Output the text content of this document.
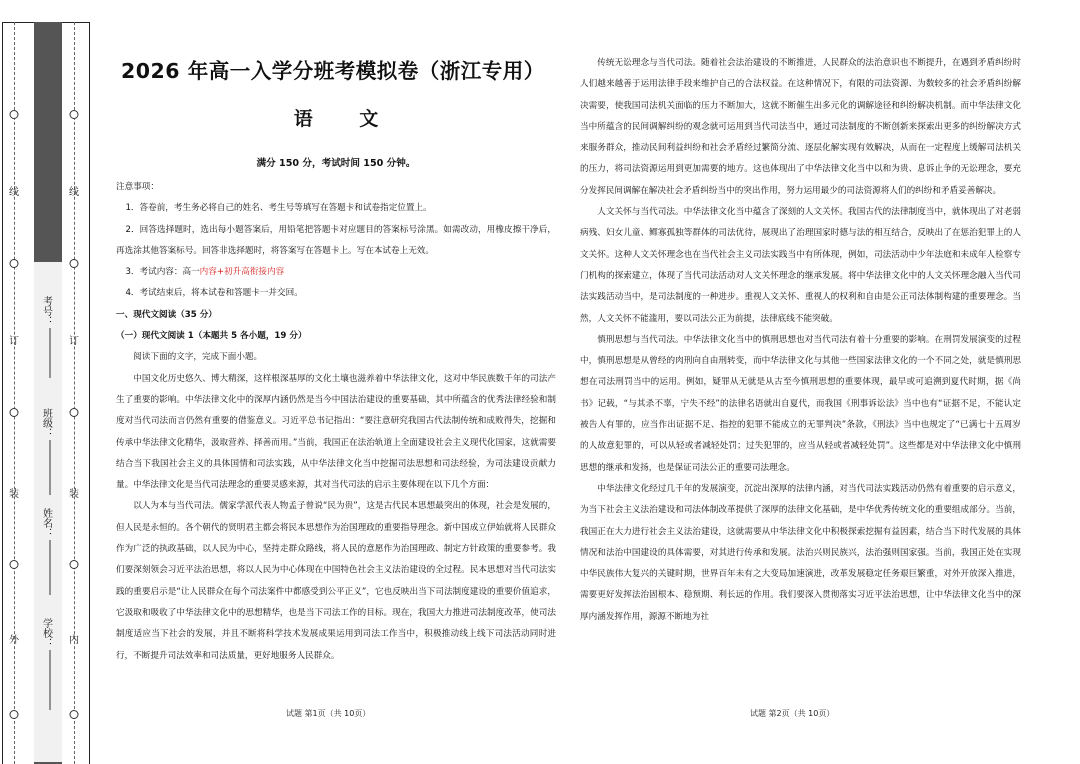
线
订
装
外
线
订
装
内
考号：
班级：
姓名：
学校：
2026 年高一入学分班考模拟卷（浙江专用）
语 文
满分 150 分，考试时间 150 分钟。

注意事项：

1．答卷前，考生务必将自己的姓名、考生号等填写在答题卡和试卷指定位置上。

2．回答选择题时，选出每小题答案后，用铅笔把答题卡对应题目的答案标号涂黑。如需改动，用橡皮擦干净后，再选涂其他答案标号。回答非选择题时，将答案写在答题卡上。写在本试卷上无效。

3．考试内容：高一内容+初升高衔接内容

4．考试结束后，将本试卷和答题卡一并交回。

一、现代文阅读（35 分）

（一）现代文阅读 1（本题共 5 各小题，19 分）

阅读下面的文字，完成下面小题。

中国文化历史悠久、博大精深，这样根深基厚的文化土壤也滋养着中华法律文化，这对中华民族数千年的司法产生了重要的影响。中华法律文化中的深厚内涵仍然是当今中国法治建设的重要基础，其中所蕴含的优秀法律经验和制度对当代司法而言仍然有重要的借鉴意义。习近平总书记指出：“要注意研究我国古代法制传统和成败得失，挖掘和传承中华法律文化精华，汲取营养、择善而用。”当前，我国正在法治轨道上全面建设社会主义现代化国家，这就需要结合当下我国社会主义的具体国情和司法实践，从中华法律文化当中挖掘司法思想和司法经验，为司法建设贡献力量。中华法律文化是当代司法理念的重要灵感来源，其对当代司法的启示主要体现在以下几个方面：

以人为本与当代司法。儒家学派代表人物孟子曾说“民为贵”，这是古代民本思想最突出的体现，社会是发展的，但人民是永恒的。各个朝代的贤明君主都会将民本思想作为治国理政的重要指导理念。新中国成立伊始就将人民群众作为广泛的执政基础，以人民为中心，坚持走群众路线，将人民的意愿作为治国理政、制定方针政策的重要参考。我们要深刻领会习近平法治思想，将以人民为中心体现在中国特色社会主义法治建设的全过程。民本思想对当代司法实践的重要启示是“让人民群众在每个司法案件中都感受到公平正义”，它也反映出当下司法制度建设的重要价值追求，它汲取和吸收了中华法律文化中的思想精华，也是当下司法工作的目标。现在，我国大力推进司法制度改革，使司法制度适应当下社会的发展，并且不断将科学技术发展成果运用到司法工作当中，积极推动线上线下司法活动同时进行，不断提升司法效率和司法质量，更好地服务人民群众。

传统无讼理念与当代司法。随着社会法治建设的不断推进，人民群众的法治意识也不断提升，在遇到矛盾纠纷时人们越来越善于运用法律手段来维护自己的合法权益。在这种情况下，有限的司法资源、为数较多的社会矛盾纠纷解决需要，使我国司法机关面临的压力不断加大，这就不断催生出多元化的调解途径和纠纷解决机制。而中华法律文化当中所蕴含的民间调解纠纷的观念就可运用到当代司法当中，通过司法制度的不断创新来探索出更多的纠纷解决方式来服务群众，推动民间利益纠纷和社会矛盾经过繁简分流、逐层化解实现有效解决，从而在一定程度上缓解司法机关的压力，将司法资源运用到更加需要的地方。这也体现出了中华法律文化当中以和为贵、息诉止争的无讼理念，要充分发挥民间调解在解决社会矛盾纠纷当中的突出作用，努力运用最少的司法资源将人们的纠纷和矛盾妥善解决。

人文关怀与当代司法。中华法律文化当中蕴含了深刻的人文关怀。我国古代的法律制度当中，就体现出了对老弱病残、妇女儿童、鳏寡孤独等群体的司法优待，展现出了治理国家时德与法的相互结合，反映出了在惩治犯罪上的人文关怀。这种人文关怀理念也在当代社会主义司法实践当中有所体现，例如，司法活动中少年法庭和未成年人检察专门机构的探索建立，体现了当代司法活动对人文关怀理念的继承发展。将中华法律文化中的人文关怀理念融入当代司法实践活动当中，是司法制度的一种进步。重视人文关怀、重视人的权利和自由是公正司法体制构建的重要理念。当然，人文关怀不能滥用，要以司法公正为前提，法律底线不能突破。

慎刑思想与当代司法。中华法律文化当中的慎刑思想也对当代司法有着十分重要的影响。在刑罚发展演变的过程中，慎刑思想是从曾经的肉刑向自由刑转变，而中华法律文化与其他一些国家法律文化的一个不同之处，就是慎刑思想在司法刑罚当中的运用。例如，疑罪从无就是从古至今慎刑思想的重要体现，最早或可追溯到夏代时期，据《尚书》记载，“与其杀不辜，宁失不经”的法律名语就出自夏代，而我国《刑事诉讼法》当中也有“证据不足，不能认定被告人有罪的，应当作出证据不足、指控的犯罪不能成立的无罪判决”条款，《刑法》当中也规定了“已满七十五周岁的人故意犯罪的，可以从轻或者减轻处罚；过失犯罪的，应当从轻或者减轻处罚”。这些都是对中华法律文化中慎刑思想的继承和发扬，也是保证司法公正的重要司法理念。

中华法律文化经过几千年的发展演变，沉淀出深厚的法律内涵，对当代司法实践活动仍然有着重要的启示意义，为当下社会主义法治建设和司法体制改革提供了深厚的法律文化基础，是中华优秀传统文化的重要组成部分。当前，我国正在大力进行社会主义法治建设，这就需要从中华法律文化中积极探索挖掘有益因素，结合当下时代发展的具体情况和法治中国建设的具体需要，对其进行传承和发展。法治兴则民族兴，法治强则国家强。当前，我国正处在实现中华民族伟大复兴的关键时期，世界百年未有之大变局加速演进，改革发展稳定任务艰巨繁重，对外开放深入推进，需要更好发挥法治固根本、稳预期、利长远的作用。我们要深入贯彻落实习近平法治思想，让中华法律文化当中的深厚内涵发挥作用，源源不断地为社

试题 第1页（共 10页）	试题 第2页（共 10页）
